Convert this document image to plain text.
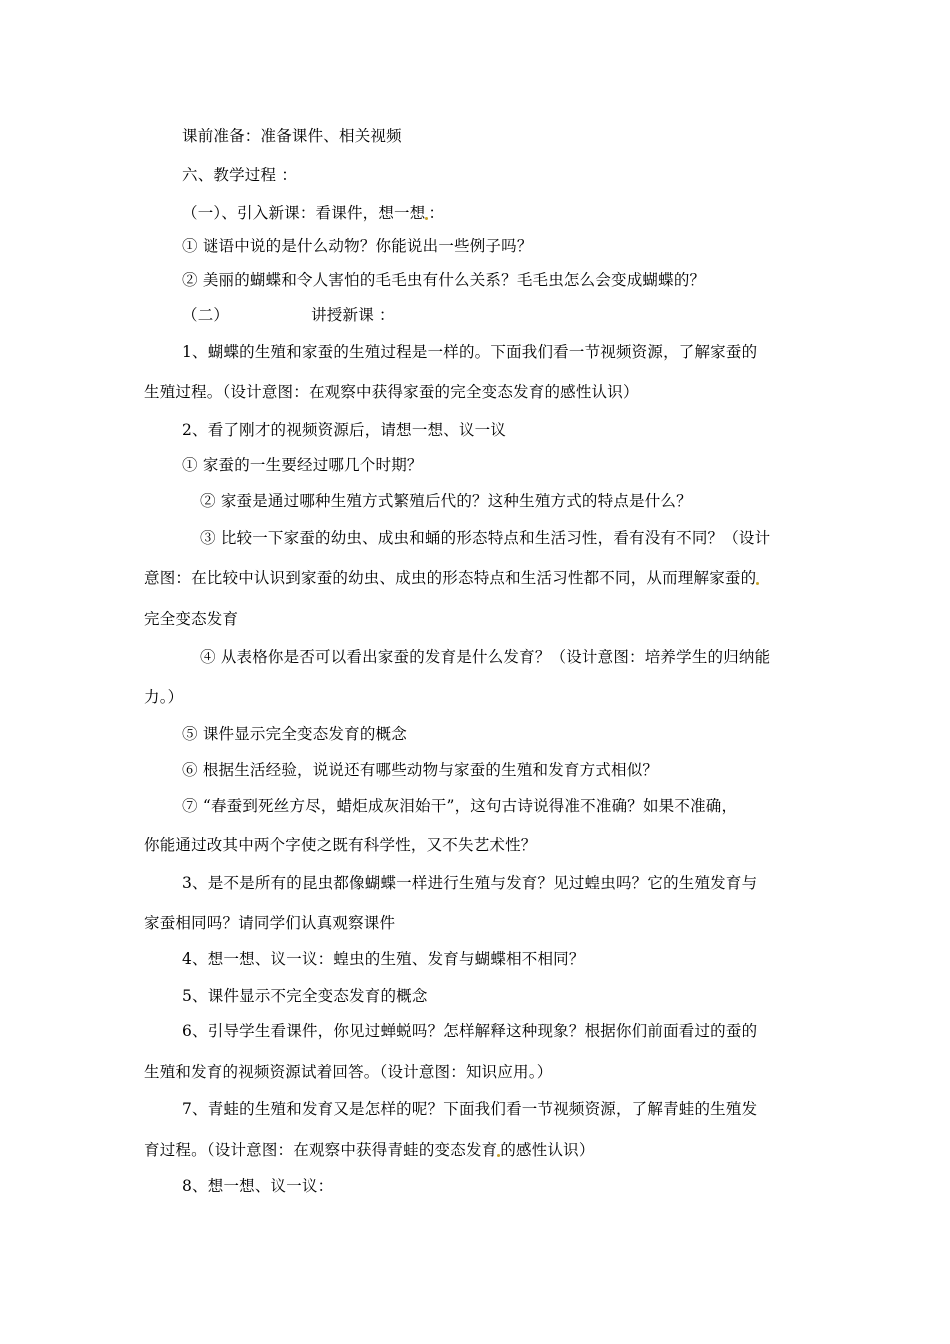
课前准备：准备课件、相关视频
六、教学过程 ：
（一）、引入新课：看课件，想一想 ：
① 谜语中说的是什么动物？你能说出一些例子吗？
② 美丽的蝴蝶和令人害怕的毛毛虫有什么关系？毛毛虫怎么会变成蝴蝶的？
（二）	讲授新课 ：
1、蝴蝶的生殖和家蚕的生殖过程是一样的。下面我们看一节视频资源，了解家蚕的
生殖过程。（设计意图：在观察中获得家蚕的完全变态发育的感性认识）
2、看了刚才的视频资源后，请想一想、议一议
① 家蚕的一生要经过哪几个时期？
② 家蚕是通过哪种生殖方式繁殖后代的？这种生殖方式的特点是什么？
③ 比较一下家蚕的幼虫、成虫和蛹的形态特点和生活习性，看有没有不同？（设计
意图：在比较中认识到家蚕的幼虫、成虫的形态特点和生活习性都不同，从而理解家蚕的
完全变态发育
④ 从表格你是否可以看出家蚕的发育是什么发育？（设计意图：培养学生的归纳能
力。）
⑤ 课件显示完全变态发育的概念
⑥ 根据生活经验，说说还有哪些动物与家蚕的生殖和发育方式相似？
⑦ “春蚕到死丝方尽，蜡炬成灰泪始干”，这句古诗说得准不准确？如果不准确，
你能通过改其中两个字使之既有科学性，又不失艺术性？
3、是不是所有的昆虫都像蝴蝶一样进行生殖与发育？见过蝗虫吗？它的生殖发育与
家蚕相同吗？请同学们认真观察课件
4、想一想、议一议：蝗虫的生殖、发育与蝴蝶相不相同？
5、课件显示不完全变态发育的概念
6、引导学生看课件，你见过蝉蜕吗？怎样解释这种现象？根据你们前面看过的蚕的
生殖和发育的视频资源试着回答。（设计意图：知识应用。）
7、青蛙的生殖和发育又是怎样的呢？下面我们看一节视频资源，了解青蛙的生殖发
育过程。（设计意图：在观察中获得青蛙的变态发育 的感性认识）
8、想一想、议一议：
